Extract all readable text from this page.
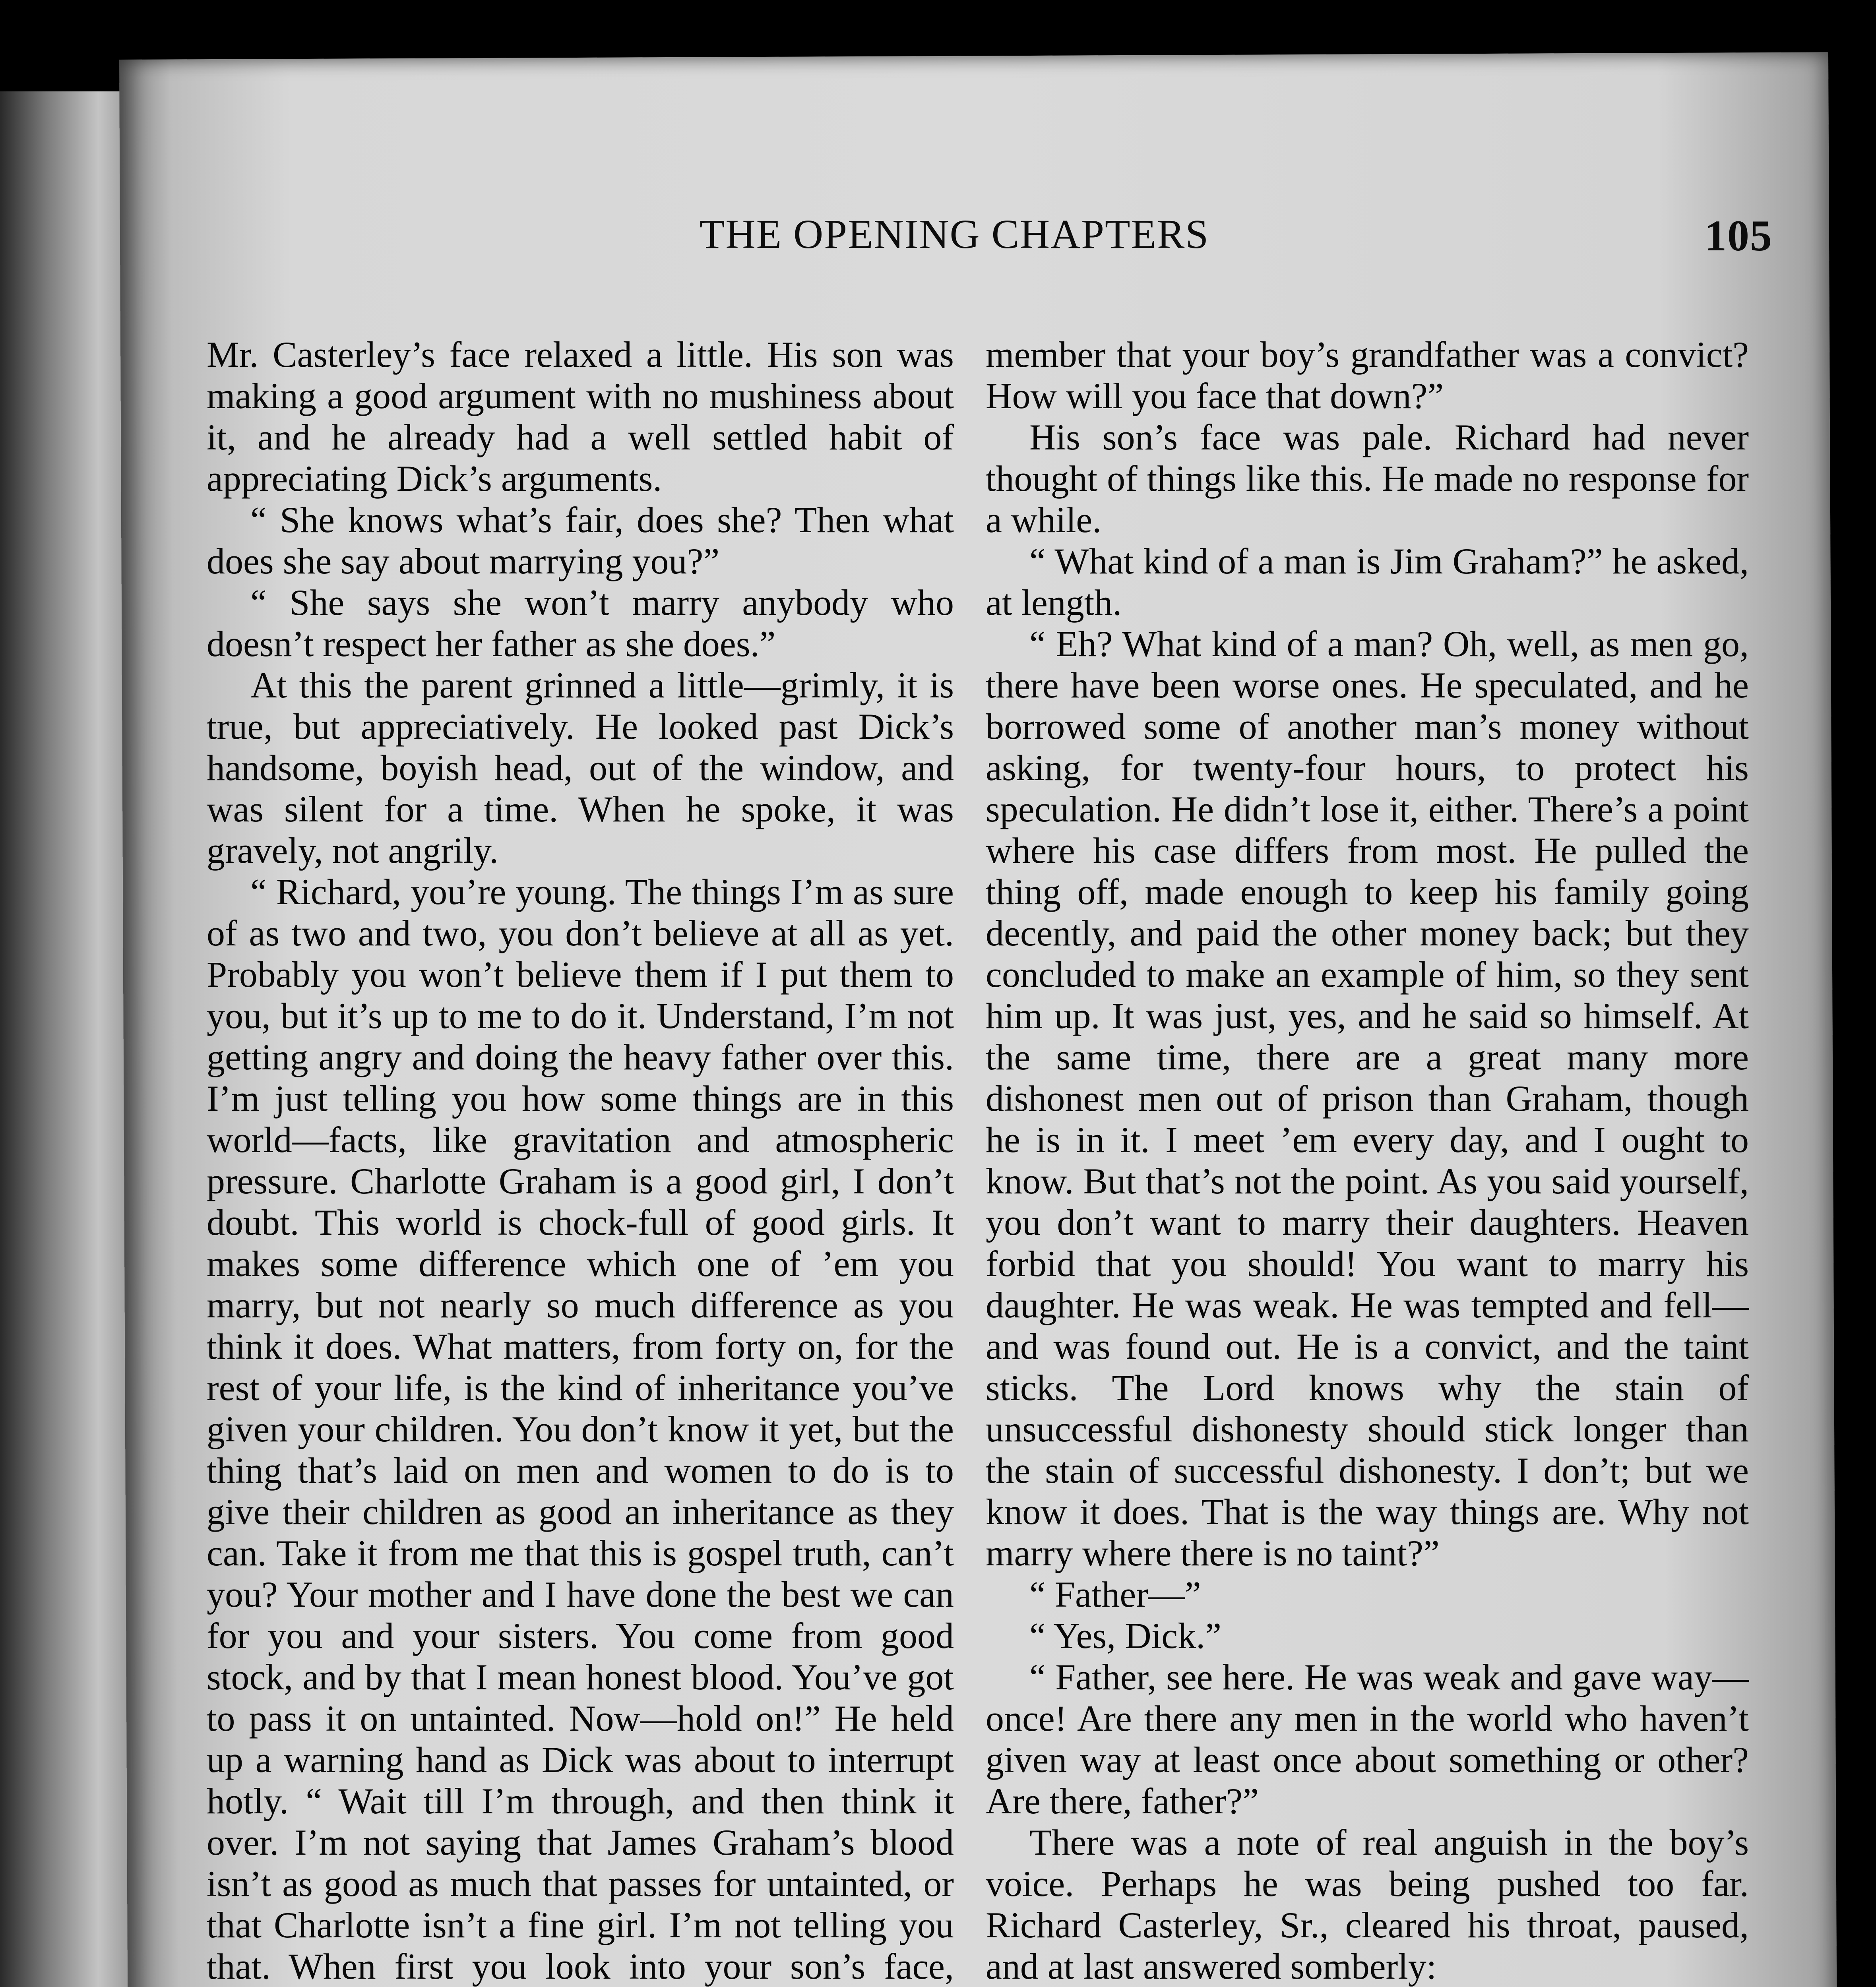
THE OPENING CHAPTERS	105

Mr. Casterley’s face relaxed a little. His son was making a good argument with no mushiness about it, and he already had a well settled habit of appreciating Dick’s arguments.

“ She knows what’s fair, does she? Then what does she say about marrying you?”

“ She says she won’t marry anybody who doesn’t respect her father as she does.”

At this the parent grinned a little—grimly, it is true, but appreciatively. He looked past Dick’s handsome, boyish head, out of the window, and was silent for a time. When he spoke, it was gravely, not angrily.

“ Richard, you’re young. The things I’m as sure of as two and two, you don’t believe at all as yet. Probably you won’t believe them if I put them to you, but it’s up to me to do it. Understand, I’m not getting angry and doing the heavy father over this. I’m just telling you how some things are in this world—facts, like gravitation and atmospheric pressure. Charlotte Graham is a good girl, I don’t doubt. This world is chock-full of good girls. It makes some difference which one of ’em you marry, but not nearly so much difference as you think it does. What matters, from forty on, for the rest of your life, is the kind of inheritance you’ve given your children. You don’t know it yet, but the thing that’s laid on men and women to do is to give their children as good an inheritance as they can. Take it from me that this is gospel truth, can’t you? Your mother and I have done the best we can for you and your sisters. You come from good stock, and by that I mean honest blood. You’ve got to pass it on untainted. Now—hold on!” He held up a warning hand as Dick was about to interrupt hotly. “ Wait till I’m through, and then think it over. I’m not saying that James Graham’s blood isn’t as good as much that passes for untainted, or that Charlotte isn’t a fine girl. I’m not telling you that. When first you look into your son’s face,

member that your boy’s grandfather was a convict? How will you face that down?”

His son’s face was pale. Richard had never thought of things like this. He made no response for a while.

“ What kind of a man is Jim Graham?” he asked, at length.

“ Eh? What kind of a man? Oh, well, as men go, there have been worse ones. He speculated, and he borrowed some of another man’s money without asking, for twenty-four hours, to protect his speculation. He didn’t lose it, either. There’s a point where his case differs from most. He pulled the thing off, made enough to keep his family going decently, and paid the other money back; but they concluded to make an example of him, so they sent him up. It was just, yes, and he said so himself. At the same time, there are a great many more dishonest men out of prison than Graham, though he is in it. I meet ’em every day, and I ought to know. But that’s not the point. As you said yourself, you don’t want to marry their daughters. Heaven forbid that you should! You want to marry his daughter. He was weak. He was tempted and fell—and was found out. He is a convict, and the taint sticks. The Lord knows why the stain of unsuccessful dishonesty should stick longer than the stain of successful dishonesty. I don’t; but we know it does. That is the way things are. Why not marry where there is no taint?”

“ Father—”

“ Yes, Dick.”

“ Father, see here. He was weak and gave way—once! Are there any men in the world who haven’t given way at least once about something or other? Are there, father?”

There was a note of real anguish in the boy’s voice. Perhaps he was being pushed too far. Richard Casterley, Sr., cleared his throat, paused, and at last answered somberly:
